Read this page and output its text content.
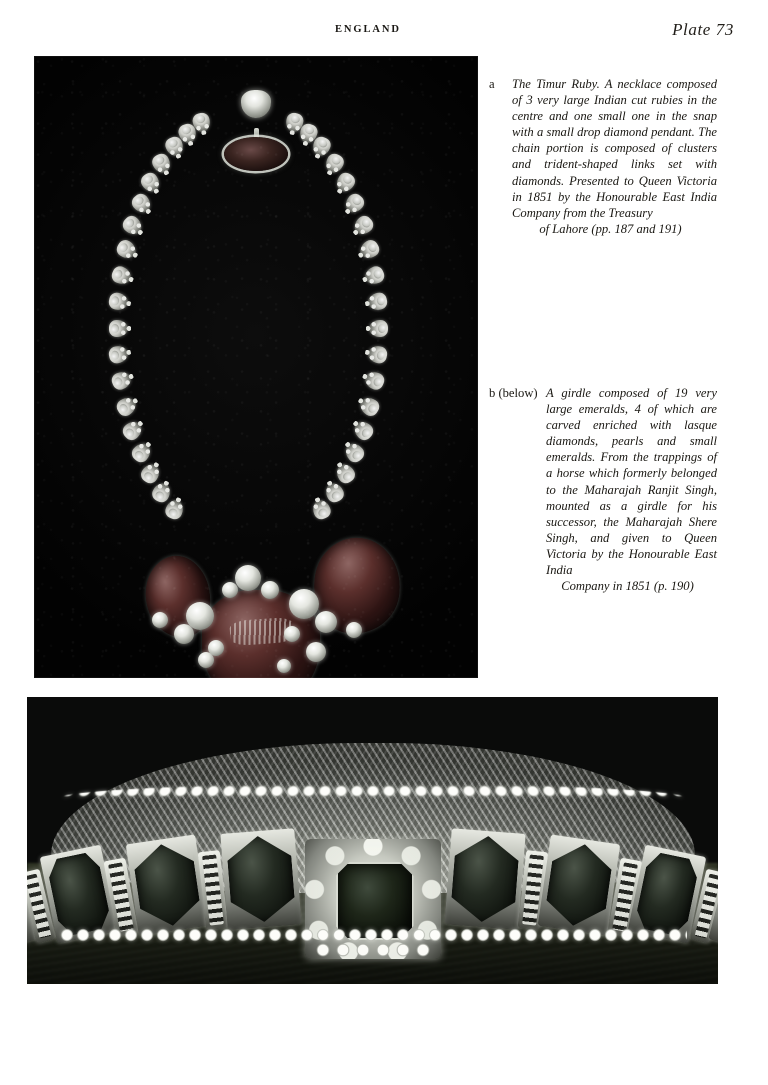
ENGLAND	Plate 73
a The Timur Ruby. A necklace composed of 3 very large Indian cut rubies in the centre and one small one in the snap with a small drop diamond pendant. The chain portion is composed of clusters and trident-shaped links set with diamonds. Presented to Queen Victoria in 1851 by the Honourable East India Company from the Treasury
of Lahore (pp. 187 and 191)
b (below) A girdle composed of 19 very large emeralds, 4 of which are carved enriched with lasque diamonds, pearls and small emeralds. From the trappings of a horse which formerly belonged to the Maharajah Ranjit Singh, mounted as a girdle for his successor, the Maharajah Shere Singh, and given to Queen Victoria by the Honourable East India
Company in 1851 (p. 190)
